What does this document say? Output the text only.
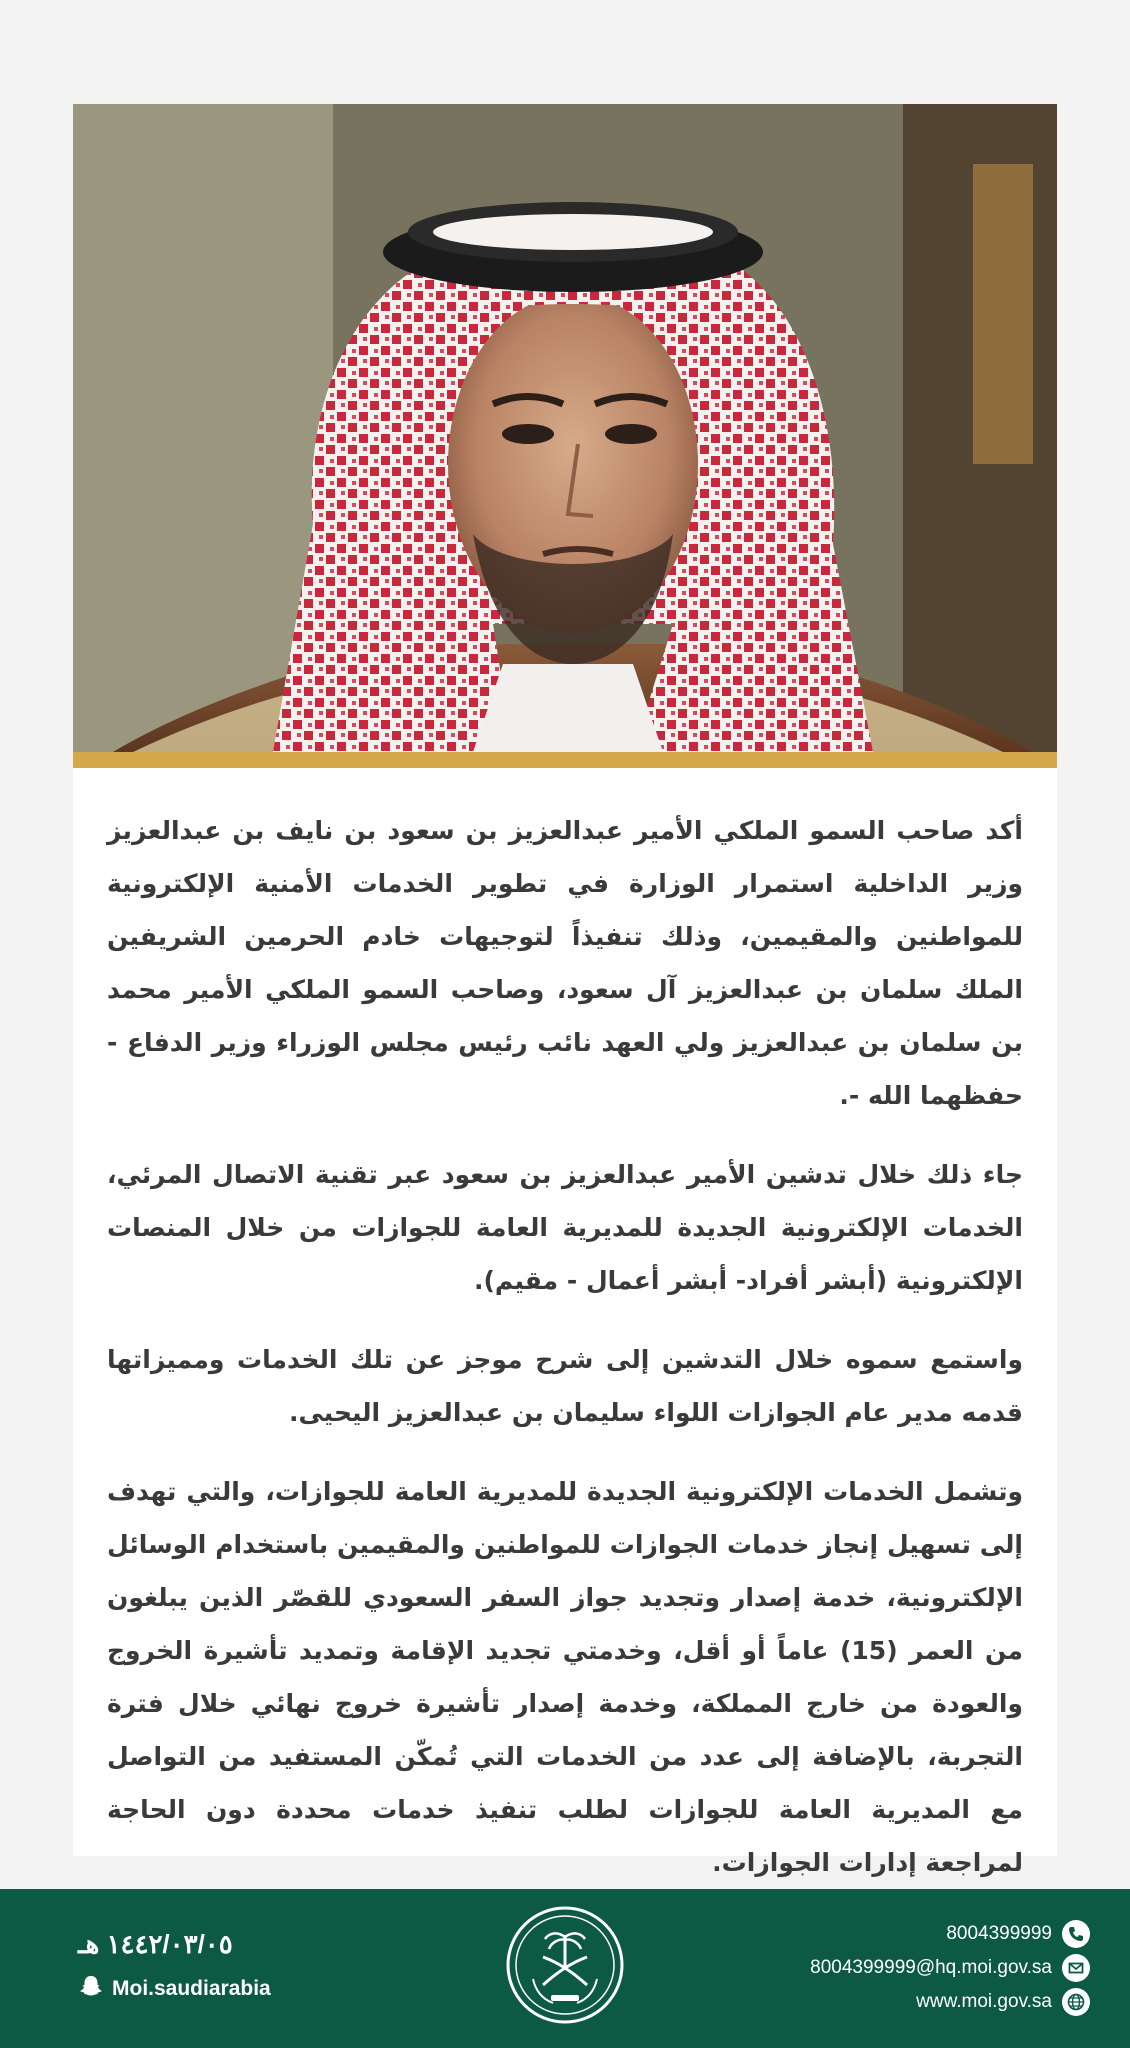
أكد صاحب السمو الملكي الأمير عبدالعزيز بن سعود بن نايف بن عبدالعزيز وزير الداخلية استمرار الوزارة في تطوير الخدمات الأمنية الإلكترونية للمواطنين والمقيمين، وذلك تنفيذاً لتوجيهات خادم الحرمين الشريفين الملك سلمان بن عبدالعزيز آل سعود، وصاحب السمو الملكي الأمير محمد بن سلمان بن عبدالعزيز ولي العهد نائب رئيس مجلس الوزراء وزير الدفاع - حفظهما الله -.

جاء ذلك خلال تدشين الأمير عبدالعزيز بن سعود عبر تقنية الاتصال المرئي، الخدمات الإلكترونية الجديدة للمديرية العامة للجوازات من خلال المنصات الإلكترونية (أبشر أفراد- أبشر أعمال - مقيم).

واستمع سموه خلال التدشين إلى شرح موجز عن تلك الخدمات ومميزاتها قدمه مدير عام الجوازات اللواء سليمان بن عبدالعزيز اليحيى.

وتشمل الخدمات الإلكترونية الجديدة للمديرية العامة للجوازات، والتي تهدف إلى تسهيل إنجاز خدمات الجوازات للمواطنين والمقيمين باستخدام الوسائل الإلكترونية، خدمة إصدار وتجديد جواز السفر السعودي للقصّر الذين يبلغون من العمر (15) عاماً أو أقل، وخدمتي تجديد الإقامة وتمديد تأشيرة الخروج والعودة من خارج المملكة، وخدمة إصدار تأشيرة خروج نهائي خلال فترة التجربة، بالإضافة إلى عدد من الخدمات التي تُمكّن المستفيد من التواصل مع المديرية العامة للجوازات لطلب تنفيذ خدمات محددة دون الحاجة لمراجعة إدارات الجوازات.

١٤٤٢/٠٣/٠٥ هـ
Moi.saudiarabia
8004399999
8004399999@hq.moi.gov.sa
www.moi.gov.sa
